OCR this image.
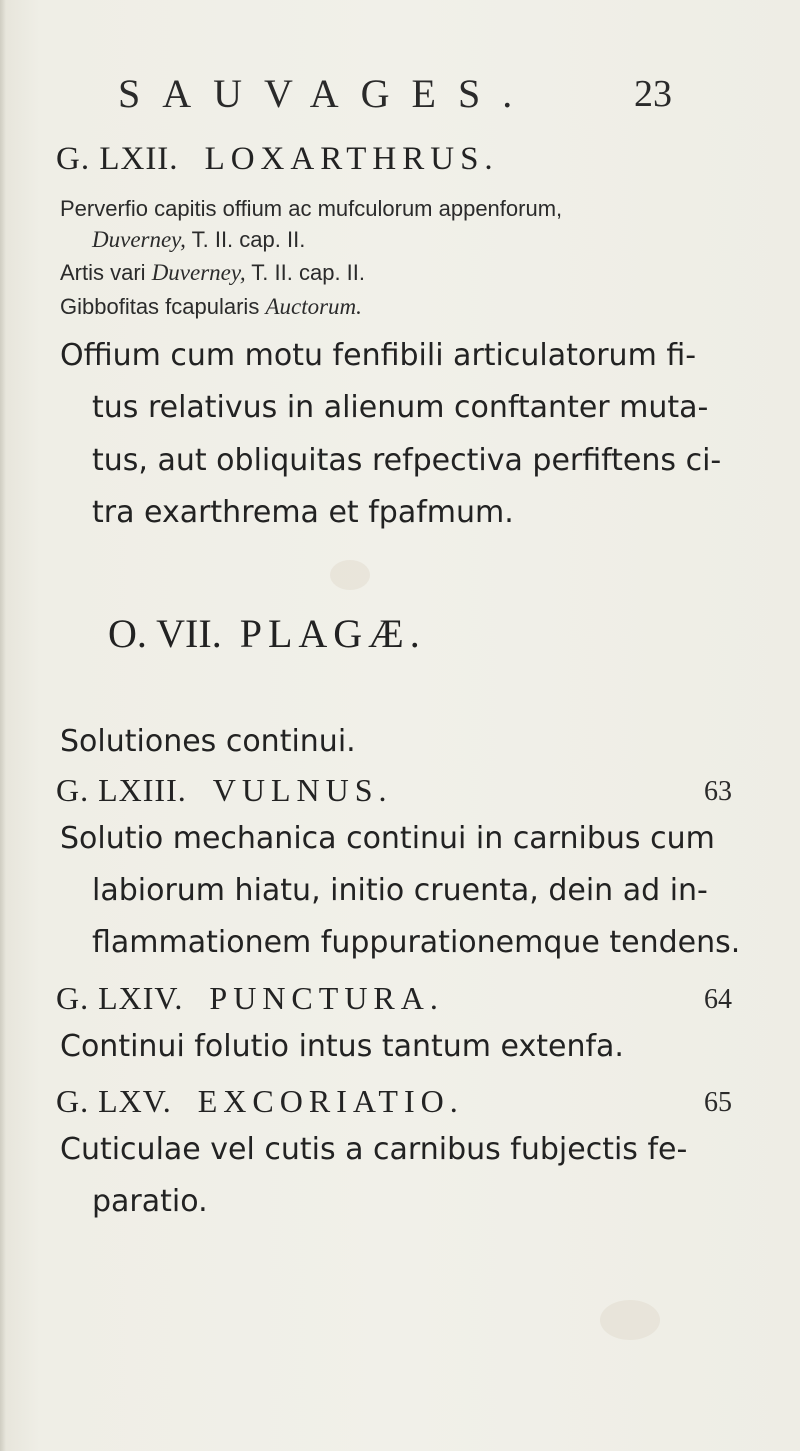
SAUVAGES.	23
G. LXII. LOXARTHRUS.
Perverfio capitis offium ac mufculorum appenforum,
Duverney, T. II. cap. II.
Artis vari Duverney, T. II. cap. II.
Gibbofitas fcapularis Auctorum.
Offium cum motu fenfibili articulatorum fi-
tus relativus in alienum conftanter muta-
tus, aut obliquitas refpectiva perfiftens ci-
tra exarthrema et fpafmum.
O. VII. PLAGÆ.
Solutiones continui.
G. LXIII. VULNUS.	63
Solutio mechanica continui in carnibus cum
labiorum hiatu, initio cruenta, dein ad in-
flammationem fuppurationemque tendens.
G. LXIV. PUNCTURA.	64
Continui folutio intus tantum extenfa.
G. LXV. EXCORIATIO.	65
Cuticulae vel cutis a carnibus fubjectis fe-
paratio.
